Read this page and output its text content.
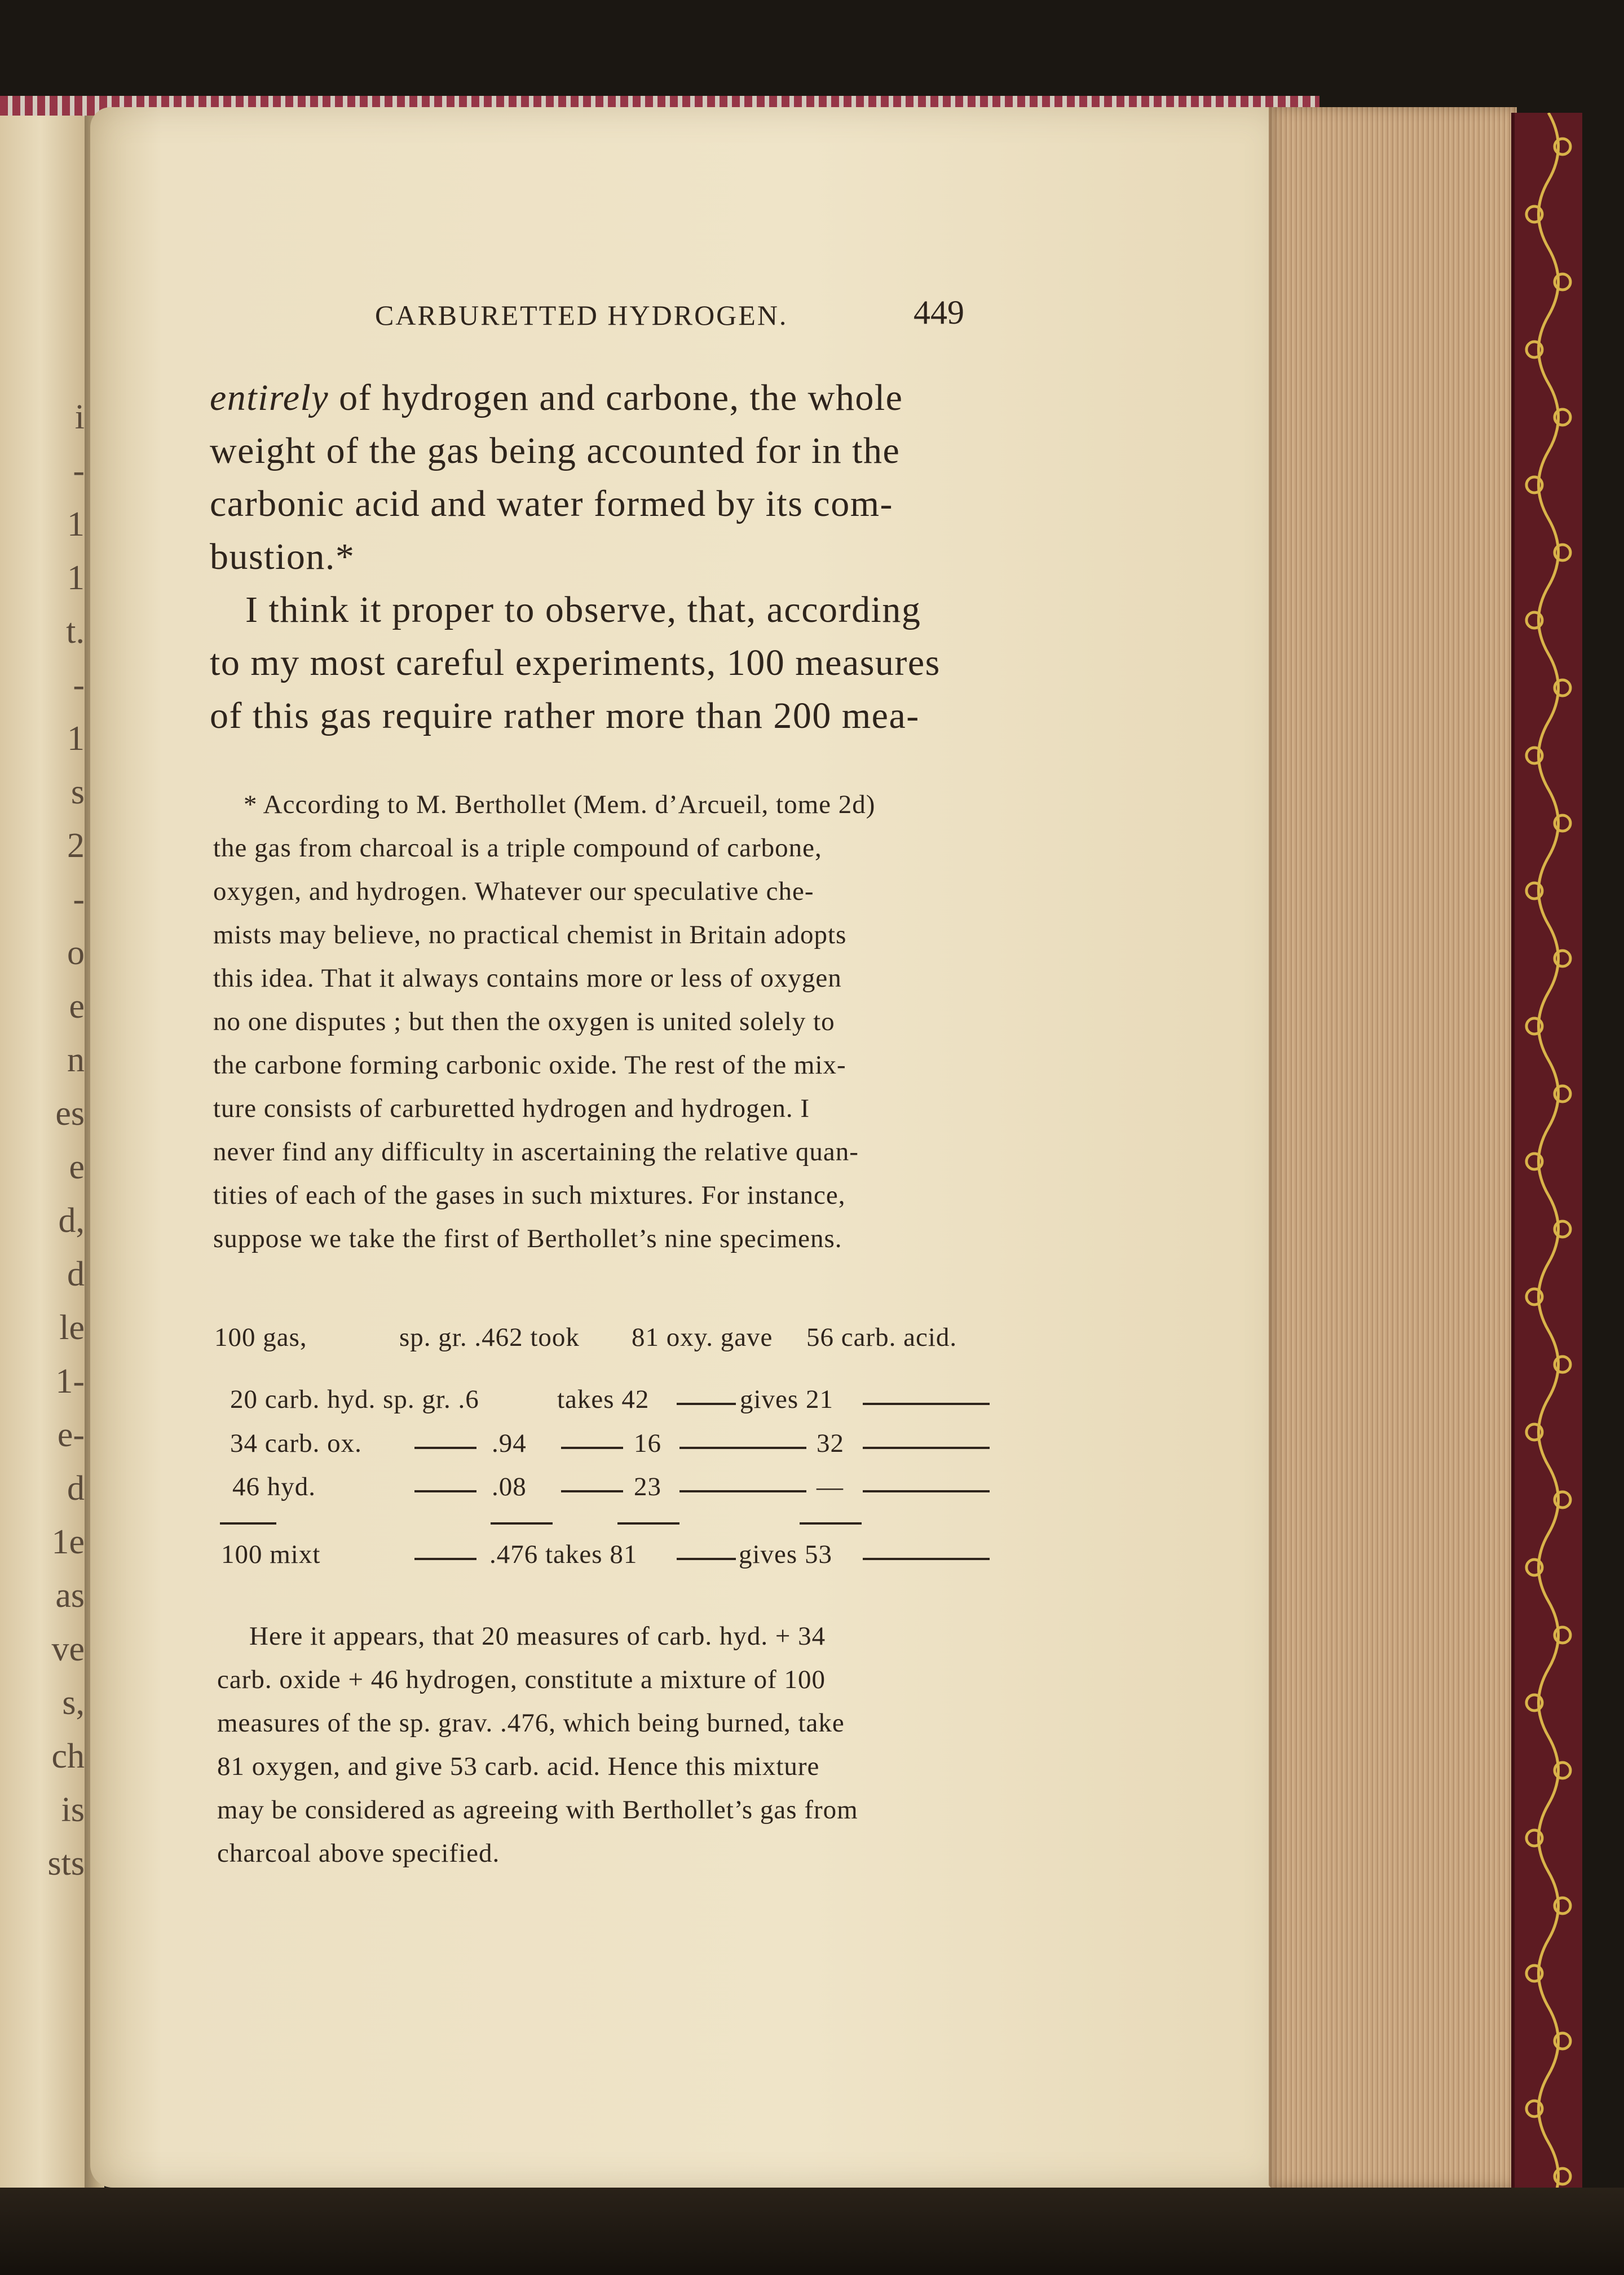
i
-
1
1
t.
-
1
s
2
-
o
e
n
es
e
d,
d
le
1-
e-
d
1e
as
ve
s,
ch
is
sts
CARBURETTED HYDROGEN.	449
entirely of hydrogen and carbone, the whole
weight of the gas being accounted for in the
carbonic acid and water formed by its com-
bustion.*
I think it proper to observe, that, according
to my most careful experiments, 100 measures
of this gas require rather more than 200 mea-
* According to M. Berthollet (Mem. d’Arcueil, tome 2d)
the gas from charcoal is a triple compound of carbone,
oxygen, and hydrogen. Whatever our speculative che-
mists may believe, no practical chemist in Britain adopts
this idea. That it always contains more or less of oxygen
no one disputes ; but then the oxygen is united solely to
the carbone forming carbonic oxide. The rest of the mix-
ture consists of carburetted hydrogen and hydrogen. I
never find any difficulty in ascertaining the relative quan-
tities of each of the gases in such mixtures. For instance,
suppose we take the first of Berthollet’s nine specimens.
100 gas,	sp. gr. .462 took 81 oxy. gave 56 carb. acid.
20 carb. hyd. sp. gr. .6	takes 42	gives 21
34 carb. ox.	.94	16	32
46 hyd.	.08	23	—
100 mixt	.476 takes 81	gives 53
Here it appears, that 20 measures of carb. hyd. + 34
carb. oxide + 46 hydrogen, constitute a mixture of 100
measures of the sp. grav. .476, which being burned, take
81 oxygen, and give 53 carb. acid. Hence this mixture
may be considered as agreeing with Berthollet’s gas from
charcoal above specified.
